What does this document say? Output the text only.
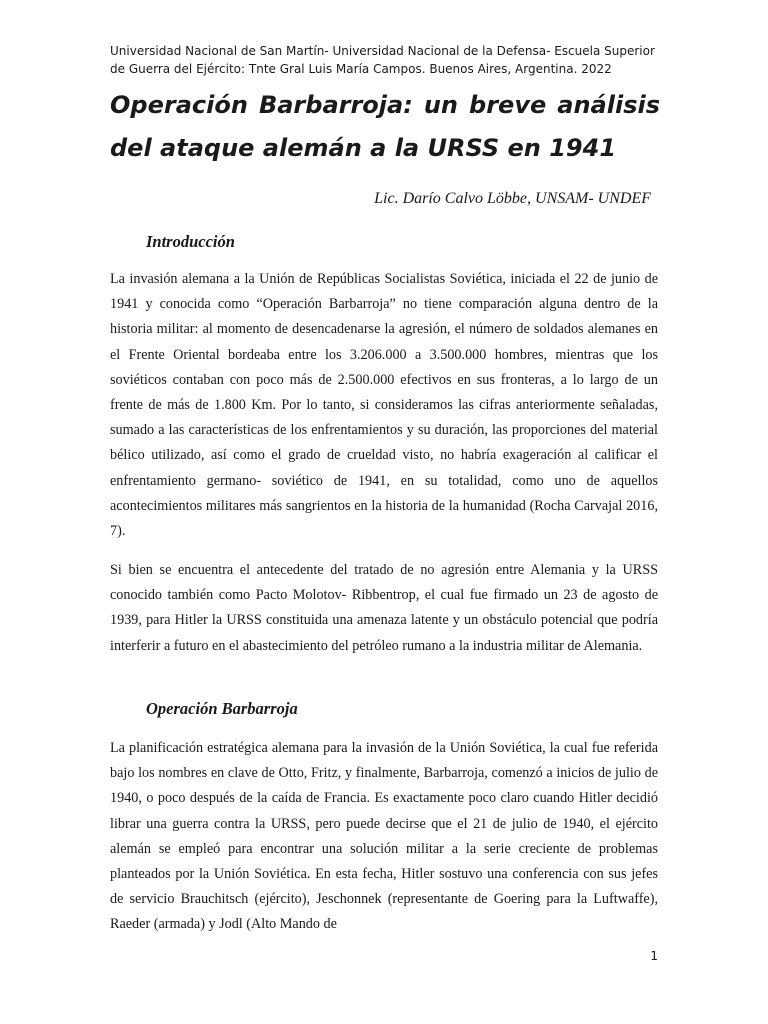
Universidad Nacional de San Martín- Universidad Nacional de la Defensa- Escuela Superior de Guerra del Ejército: Tnte Gral Luis María Campos. Buenos Aires, Argentina. 2022

Operación Barbarroja: un breve análisis del ataque alemán a la URSS en 1941

Lic. Darío Calvo Löbbe, UNSAM- UNDEF

Introducción

La invasión alemana a la Unión de Repúblicas Socialistas Soviética, iniciada el 22 de junio de 1941 y conocida como “Operación Barbarroja” no tiene comparación alguna dentro de la historia militar: al momento de desencadenarse la agresión, el número de soldados alemanes en el Frente Oriental bordeaba entre los 3.206.000 a 3.500.000 hombres, mientras que los soviéticos contaban con poco más de 2.500.000 efectivos en sus fronteras, a lo largo de un frente de más de 1.800 Km. Por lo tanto, si consideramos las cifras anteriormente señaladas, sumado a las características de los enfrentamientos y su duración, las proporciones del material bélico utilizado, así como el grado de crueldad visto, no habría exageración al calificar el enfrentamiento germano- soviético de 1941, en su totalidad, como uno de aquellos acontecimientos militares más sangrientos en la historia de la humanidad (Rocha Carvajal 2016, 7).

Si bien se encuentra el antecedente del tratado de no agresión entre Alemania y la URSS conocido también como Pacto Molotov- Ribbentrop, el cual fue firmado un 23 de agosto de 1939, para Hitler la URSS constituida una amenaza latente y un obstáculo potencial que podría interferir a futuro en el abastecimiento del petróleo rumano a la industria militar de Alemania.

Operación Barbarroja

La planificación estratégica alemana para la invasión de la Unión Soviética, la cual fue referida bajo los nombres en clave de Otto, Fritz, y finalmente, Barbarroja, comenzó a inicios de julio de 1940, o poco después de la caída de Francia. Es exactamente poco claro cuando Hitler decidió librar una guerra contra la URSS, pero puede decirse que el 21 de julio de 1940, el ejército alemán se empleó para encontrar una solución militar a la serie creciente de problemas planteados por la Unión Soviética. En esta fecha, Hitler sostuvo una conferencia con sus jefes de servicio Brauchitsch (ejército), Jeschonnek (representante de Goering para la Luftwaffe), Raeder (armada) y Jodl (Alto Mando de

1
